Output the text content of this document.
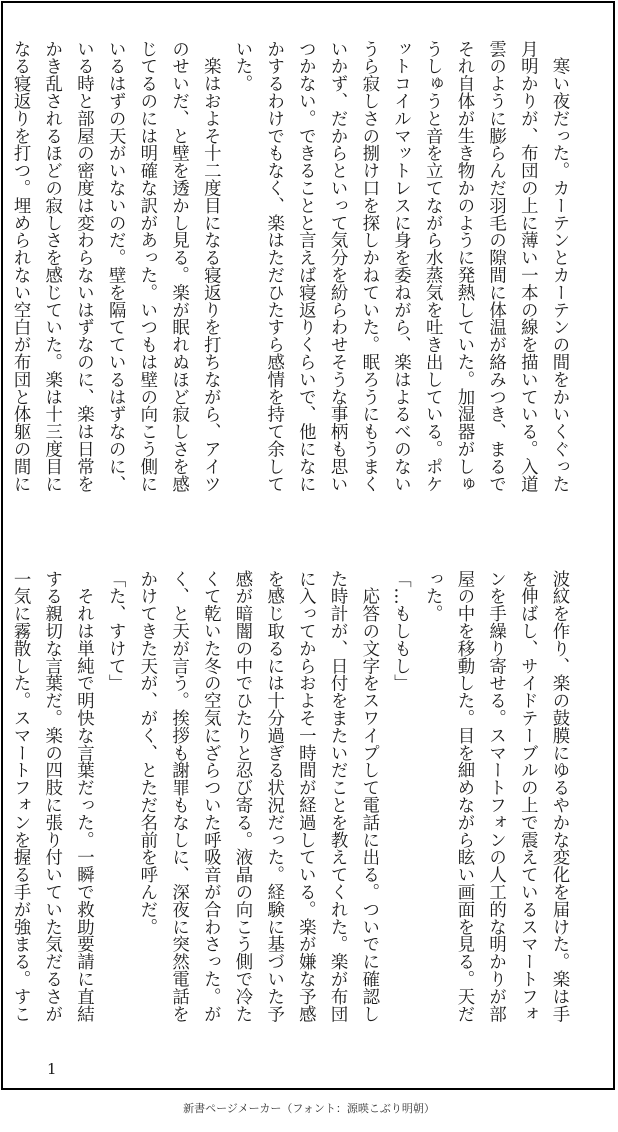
　寒い夜だった。カーテンとカーテンの間をかいくぐった

月明かりが、布団の上に薄い一本の線を描いている。入道

雲のように膨らんだ羽毛の隙間に体温が絡みつき、まるで

それ自体が生き物かのように発熱していた。加湿器がしゅ

うしゅうと音を立てながら水蒸気を吐き出している。ポケ

ットコイルマットレスに身を委ねがら、楽はよるべのない

うら寂しさの捌け口を探しかねていた。眠ろうにもうまく

いかず、だからといって気分を紛らわせそうな事柄も思い

つかない。できることと言えば寝返りくらいで、他になに

かするわけでもなく、楽はただひたすら感情を持て余して

いた。

　楽はおよそ十二度目になる寝返りを打ちながら、アイツ

のせいだ、と壁を透かし見る。楽が眠れぬほど寂しさを感

じてるのには明確な訳があった。いつもは壁の向こう側に

いるはずの天がいないのだ。壁を隔てているはずなのに、

いる時と部屋の密度は変わらないはずなのに、楽は日常を

かき乱されるほどの寂しさを感じていた。楽は十三度目に

なる寝返りを打つ。埋められない空白が布団と体躯の間に

波紋を作り、楽の鼓膜にゆるやかな変化を届けた。楽は手

を伸ばし、サイドテーブルの上で震えているスマートフォ

ンを手繰り寄せる。スマートフォンの人工的な明かりが部

屋の中を移動した。目を細めながら眩い画面を見る。天だ

った。

「…もしもし」

　応答の文字をスワイプして電話に出る。ついでに確認し

た時計が、日付をまたいだことを教えてくれた。楽が布団

に入ってからおよそ一時間が経過している。楽が嫌な予感

を感じ取るには十分過ぎる状況だった。経験に基づいた予

感が暗闇の中でひたりと忍び寄る。液晶の向こう側で冷た

くて乾いた冬の空気にざらついた呼吸音が合わさった。が

く、と天が言う。挨拶も謝罪もなしに、深夜に突然電話を

かけてきた天が、がく、とただ名前を呼んだ。

「た、すけて」

　それは単純で明快な言葉だった。一瞬で救助要請に直結

する親切な言葉だ。楽の四肢に張り付いていた気だるさが

一気に霧散した。スマートフォンを握る手が強まる。すこ

1
新書ページメーカー（フォント：源暎こぶり明朝）
